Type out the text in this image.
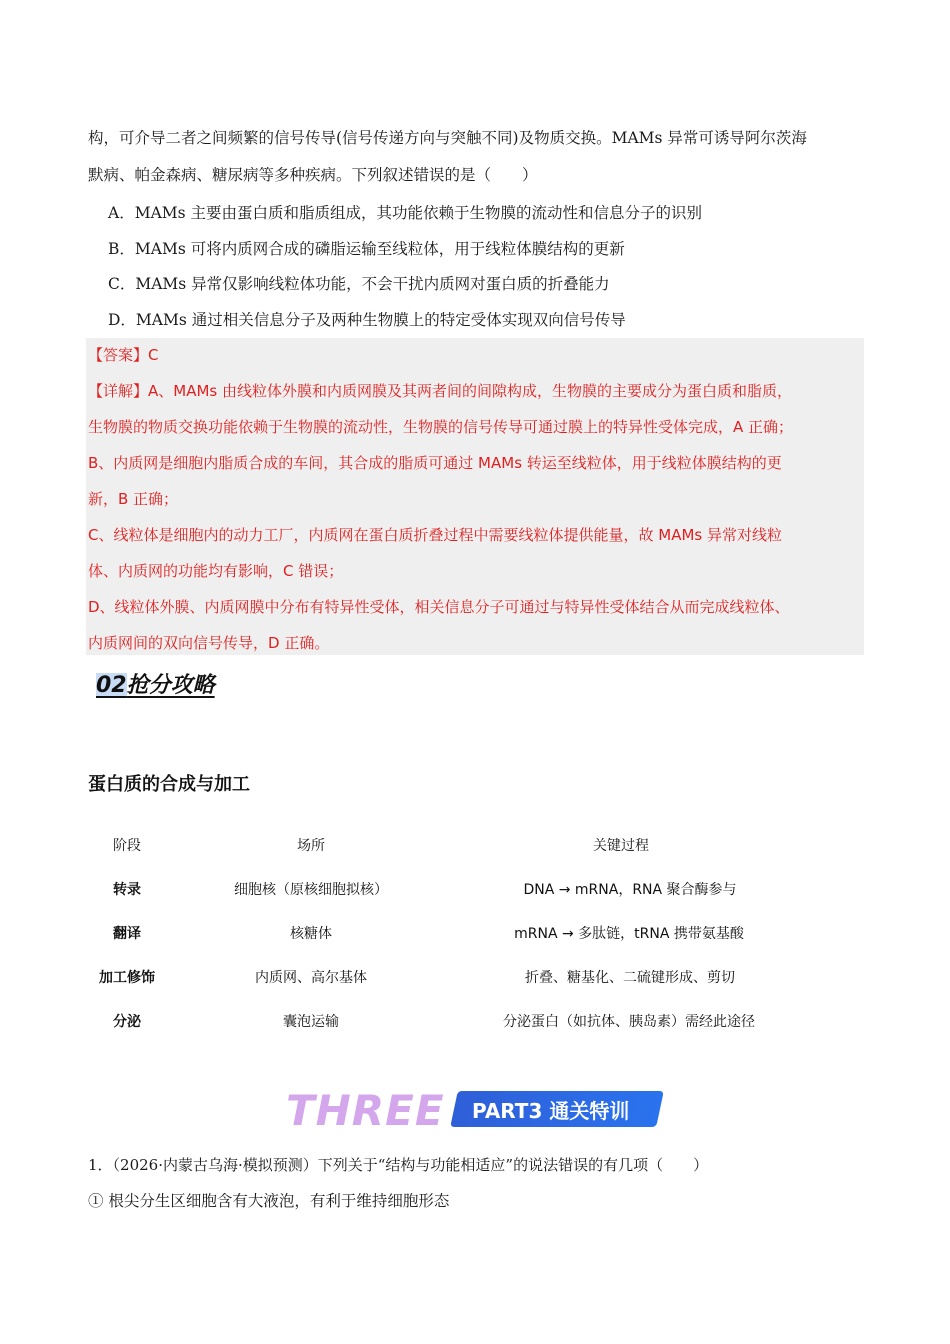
构，可介导二者之间频繁的信号传导(信号传递方向与突触不同)及物质交换。MAMs 异常可诱导阿尔茨海
默病、帕金森病、糖尿病等多种疾病。下列叙述错误的是（　　）
A．MAMs 主要由蛋白质和脂质组成，其功能依赖于生物膜的流动性和信息分子的识别
B．MAMs 可将内质网合成的磷脂运输至线粒体，用于线粒体膜结构的更新
C．MAMs 异常仅影响线粒体功能，不会干扰内质网对蛋白质的折叠能力
D．MAMs 通过相关信息分子及两种生物膜上的特定受体实现双向信号传导
【答案】C
【详解】A、MAMs 由线粒体外膜和内质网膜及其两者间的间隙构成，生物膜的主要成分为蛋白质和脂质，
生物膜的物质交换功能依赖于生物膜的流动性，生物膜的信号传导可通过膜上的特异性受体完成，A 正确；
B、内质网是细胞内脂质合成的车间，其合成的脂质可通过 MAMs 转运至线粒体，用于线粒体膜结构的更
新，B 正确；
C、线粒体是细胞内的动力工厂，内质网在蛋白质折叠过程中需要线粒体提供能量，故 MAMs 异常对线粒
体、内质网的功能均有影响，C 错误；
D、线粒体外膜、内质网膜中分布有特异性受体，相关信息分子可通过与特异性受体结合从而完成线粒体、
内质网间的双向信号传导，D 正确。
02抢分攻略
蛋白质的合成与加工
阶段	场所	关键过程
转录	细胞核（原核细胞拟核）	DNA → mRNA，RNA 聚合酶参与
翻译	核糖体	mRNA → 多肽链，tRNA 携带氨基酸
加工修饰	内质网、高尔基体	折叠、糖基化、二硫键形成、剪切
分泌	囊泡运输	分泌蛋白（如抗体、胰岛素）需经此途径
THREE PART3 通关特训
1．（2026·内蒙古乌海·模拟预测）下列关于“结构与功能相适应”的说法错误的有几项（　　）
① 根尖分生区细胞含有大液泡，有利于维持细胞形态
